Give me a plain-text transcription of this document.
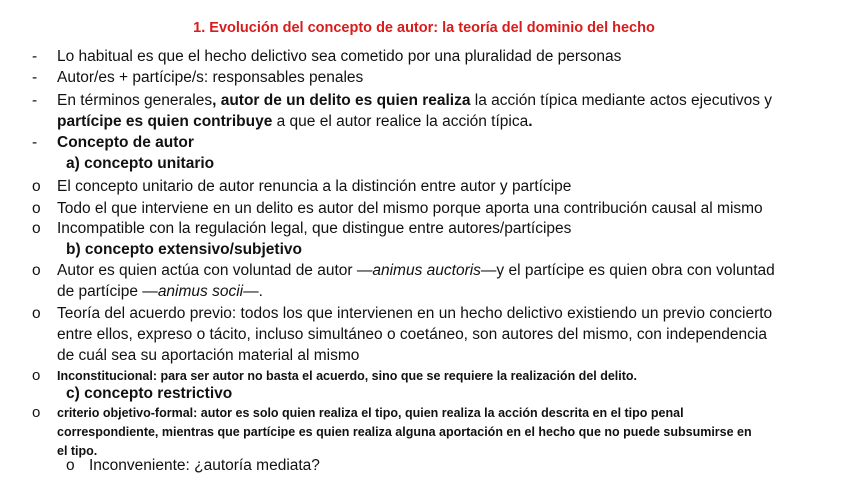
1. Evolución del concepto de autor: la teoría del dominio del hecho
- Lo habitual es que el hecho delictivo sea cometido por una pluralidad de personas
- Autor/es + partícipe/s: responsables penales
- En términos generales, autor de un delito es quien realiza la acción típica mediante actos ejecutivos y
partícipe es quien contribuye a que el autor realice la acción típica.
- Concepto de autor
a) concepto unitario
o El concepto unitario de autor renuncia a la distinción entre autor y partícipe
o Todo el que interviene en un delito es autor del mismo porque aporta una contribución causal al mismo
o Incompatible con la regulación legal, que distingue entre autores/partícipes
b) concepto extensivo/subjetivo
o Autor es quien actúa con voluntad de autor —animus auctoris—y el partícipe es quien obra con voluntad
de partícipe —animus socii—.
o Teoría del acuerdo previo: todos los que intervienen en un hecho delictivo existiendo un previo concierto
entre ellos, expreso o tácito, incluso simultáneo o coetáneo, son autores del mismo, con independencia
de cuál sea su aportación material al mismo
o Inconstitucional: para ser autor no basta el acuerdo, sino que se requiere la realización del delito.
c) concepto restrictivo
o criterio objetivo-formal: autor es solo quien realiza el tipo, quien realiza la acción descrita en el tipo penal
correspondiente, mientras que partícipe es quien realiza alguna aportación en el hecho que no puede subsumirse en
el tipo.
o Inconveniente: ¿autoría mediata?
